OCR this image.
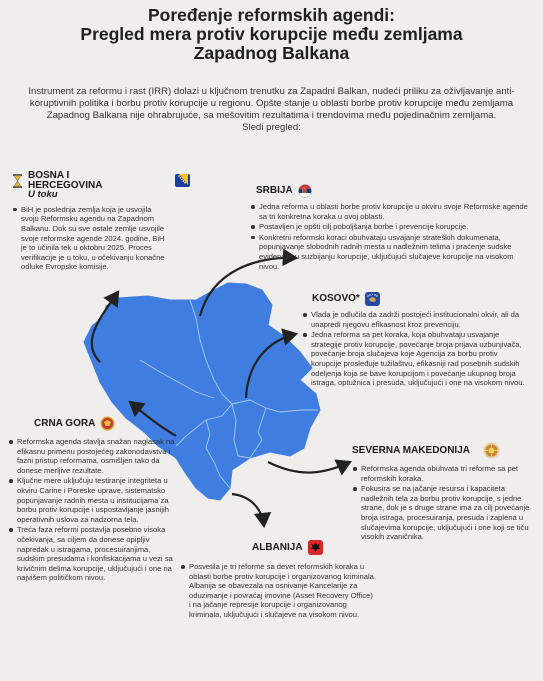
Poređenje reformskih agendi:
Pregled mera protiv korupcije među zemljama
Zapadnog Balkana
Instrument za reformu i rast (IRR) dolazi u ključnom trenutku za Zapadni Balkan, nudeći priliku za oživljavanje anti-koruptivnih politika i borbu protiv korupcije u regionu. Opšte stanje u oblasti borbe protiv korupcije među zemljama Zapadnog Balkana nije ohrabrujuće, sa mešovitim rezultatima i trendovima među pojedinačnim zemljama.
Sledi pregled:
BOSNA I HERCEGOVINA
U toku
BiH je poslednja zemlja koja je usvojila svoju Reformsku agendu na Zapadnom Balkanu. Dok su sve ostale zemlje usvojile svoje reformske agende 2024. godine, BiH je to učinila tek u oktobru 2025. Proces verifikacije je u toku, u očekivanju konačne odluke Evropske komisije.
SRBIJA
Jedna reforma u oblasti borbe protiv korupcije u okviru svoje Reformske agende sa tri konkretna koraka u ovoj oblasti.
Postavljen je opšti cilj poboljšanja borbe i prevencije korupcije.
Konkretni reformski koraci obuhvataju usvajanje strateških dokumenata, popunjavanje slobodnih radnih mesta u nadležnim telima i praćenje sudske evidencije u suzbijanju korupcije, uključujući slučajeve korupcije na visokom nivou.
KOSOVO*
Vlada je odlučila da zadrži postojeći institucionalni okvir, ali da unapredi njegovu efikasnost kroz prevenciju.
Jedna reforma sa pet koraka, koja obuhvataju usvajanje strategije protiv korupcije, povećanje broja prijava uzbunjivača, povećanje broja slučajeva koje Agencija za borbu protiv korupcije prosleđuje tužilaštvu, efikasniji rad posebnih sudskih odeljenja koja se bave korupcijom i povećanje ukupnog broja istraga, optužnica i presuda, uključujući i one na visokom nivou.
CRNA GORA
Reformska agenda stavlja snažan naglasak na efikasnu primenu postojećeg zakonodavstva i fazni pristup reformama, osmišljen tako da donese merljive rezultate.
Ključne mere uključuju testiranje integriteta u okviru Carine i Poreske uprave, sistematsko popunjavanje radnih mesta u institucijama za borbu protiv korupcije i uspostavljanje jasnijih operativnih uslova za nadzorna tela.
Treća faza reformi postavlja posebno visoka očekivanja, sa ciljem da donese opipljiv napredak u istragama, procesuiranjima, sudskim presudama i konfiskacijama u vezi sa krivičnim delima korupcije, uključujući i one na najvišem političkom nivou.
SEVERNA MAKEDONIJA
Reformska agenda obuhvata tri reforme sa pet reformskih koraka.
Fokusira se na jačanje resursa i kapaciteta nadležnih tela za borbu protiv korupcije, s jedne strane, dok je s druge strane ima za cilj povećanje broja istraga, procesuiranja, presuda i zaplena u slučajevima korupcije, uključujući i one koji se tiču visokih zvaničnika.
ALBANIJA
Posvetila je tri reforme sa devet reformskih koraka u oblasti borbe protiv korupcije i organizovanog kriminala. Albanija se obavezala na osnivanje Kancelarije za oduzimanje i povraćaj imovine (Asset Recovery Office) i na jačanje represije korupcije i organizovanog kriminala, uključujući i slučajeve na visokom nivou.
